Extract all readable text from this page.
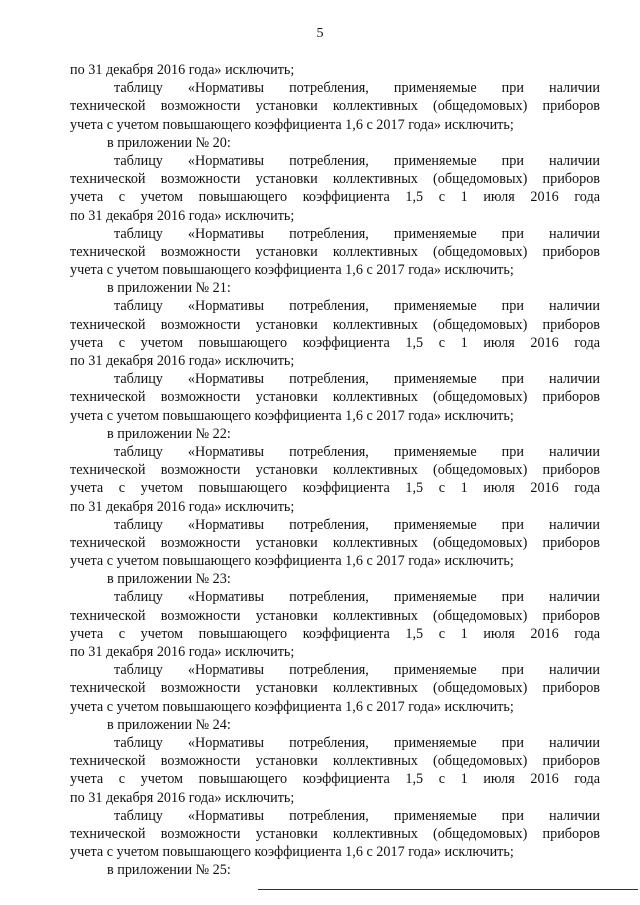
5
по 31 декабря 2016 года» исключить;
таблицу «Нормативы потребления, применяемые при наличии
технической возможности установки коллективных (общедомовых) приборов
учета с учетом повышающего коэффициента 1,6 с 2017 года» исключить;
в приложении № 20:
таблицу «Нормативы потребления, применяемые при наличии
технической возможности установки коллективных (общедомовых) приборов
учета с учетом повышающего коэффициента 1,5 с 1 июля 2016 года
по 31 декабря 2016 года» исключить;
таблицу «Нормативы потребления, применяемые при наличии
технической возможности установки коллективных (общедомовых) приборов
учета с учетом повышающего коэффициента 1,6 с 2017 года» исключить;
в приложении № 21:
таблицу «Нормативы потребления, применяемые при наличии
технической возможности установки коллективных (общедомовых) приборов
учета с учетом повышающего коэффициента 1,5 с 1 июля 2016 года
по 31 декабря 2016 года» исключить;
таблицу «Нормативы потребления, применяемые при наличии
технической возможности установки коллективных (общедомовых) приборов
учета с учетом повышающего коэффициента 1,6 с 2017 года» исключить;
в приложении № 22:
таблицу «Нормативы потребления, применяемые при наличии
технической возможности установки коллективных (общедомовых) приборов
учета с учетом повышающего коэффициента 1,5 с 1 июля 2016 года
по 31 декабря 2016 года» исключить;
таблицу «Нормативы потребления, применяемые при наличии
технической возможности установки коллективных (общедомовых) приборов
учета с учетом повышающего коэффициента 1,6 с 2017 года» исключить;
в приложении № 23:
таблицу «Нормативы потребления, применяемые при наличии
технической возможности установки коллективных (общедомовых) приборов
учета с учетом повышающего коэффициента 1,5 с 1 июля 2016 года
по 31 декабря 2016 года» исключить;
таблицу «Нормативы потребления, применяемые при наличии
технической возможности установки коллективных (общедомовых) приборов
учета с учетом повышающего коэффициента 1,6 с 2017 года» исключить;
в приложении № 24:
таблицу «Нормативы потребления, применяемые при наличии
технической возможности установки коллективных (общедомовых) приборов
учета с учетом повышающего коэффициента 1,5 с 1 июля 2016 года
по 31 декабря 2016 года» исключить;
таблицу «Нормативы потребления, применяемые при наличии
технической возможности установки коллективных (общедомовых) приборов
учета с учетом повышающего коэффициента 1,6 с 2017 года» исключить;
в приложении № 25:
